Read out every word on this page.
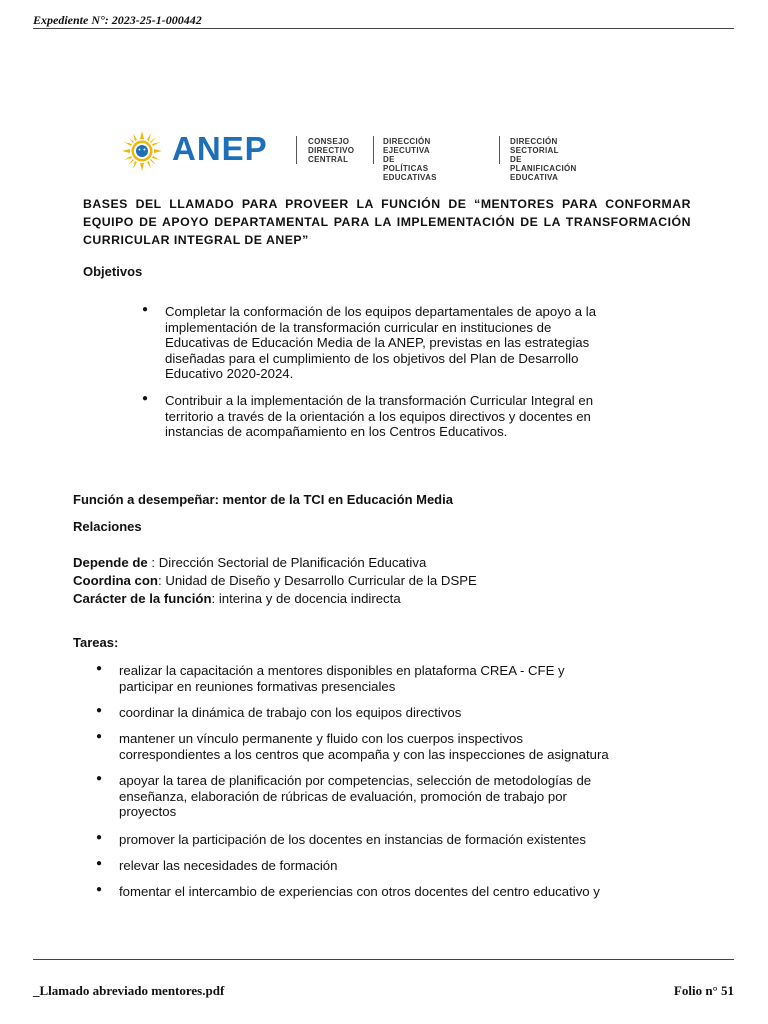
Expediente N°: 2023-25-1-000442
ANEP	CONSEJO
DIRECTIVO
CENTRAL
DIRECCIÓN EJECUTIVA
DE POLÍTICAS
EDUCATIVAS
DIRECCIÓN SECTORIAL
DE PLANIFICACIÓN
EDUCATIVA
BASES DEL LLAMADO PARA PROVEER LA FUNCIÓN DE “MENTORES PARA CONFORMAR EQUIPO DE APOYO DEPARTAMENTAL PARA LA IMPLEMENTACIÓN DE LA TRANSFORMACIÓN CURRICULAR INTEGRAL DE ANEP”
Objetivos
● Completar la conformación de los equipos departamentales de apoyo a la
implementación de la transformación curricular en instituciones de
Educativas de Educación Media de la ANEP, previstas en las estrategias
diseñadas para el cumplimiento de los objetivos del Plan de Desarrollo
Educativo 2020-2024.
● Contribuir a la implementación de la transformación Curricular Integral en
territorio a través de la orientación a los equipos directivos y docentes en
instancias de acompañamiento en los Centros Educativos.
Función a desempeñar: mentor de la TCI en Educación Media
Relaciones
Depende de : Dirección Sectorial de Planificación Educativa
Coordina con: Unidad de Diseño y Desarrollo Curricular de la DSPE
Carácter de la función: interina y de docencia indirecta
Tareas:
● realizar la capacitación a mentores disponibles en plataforma CREA - CFE y
participar en reuniones formativas presenciales
● coordinar la dinámica de trabajo con los equipos directivos
● mantener un vínculo permanente y fluido con los cuerpos inspectivos
correspondientes a los centros que acompaña y con las inspecciones de asignatura
● apoyar la tarea de planificación por competencias, selección de metodologías de
enseñanza, elaboración de rúbricas de evaluación, promoción de trabajo por
proyectos
● promover la participación de los docentes en instancias de formación existentes
● relevar las necesidades de formación
● fomentar el intercambio de experiencias con otros docentes del centro educativo y
_Llamado abreviado mentores.pdf	Folio n° 51
